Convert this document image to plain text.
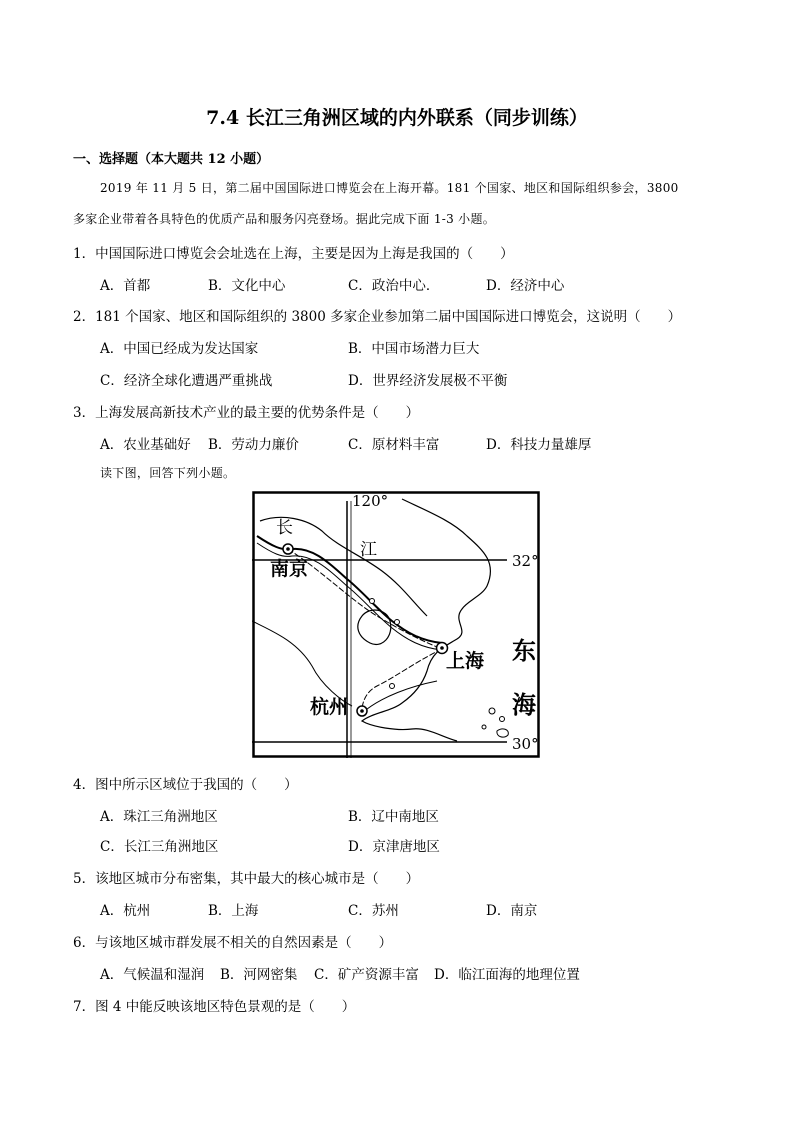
7.4 长江三角洲区域的内外联系（同步训练）
一、选择题（本大题共 12 小题）
2019 年 11 月 5 日，第二届中国国际进口博览会在上海开幕。181 个国家、地区和国际组织参会，3800
多家企业带着各具特色的优质产品和服务闪亮登场。据此完成下面 1-3 小题。
1．中国国际进口博览会会址选在上海，主要是因为上海是我国的（　　）
A．首都	B．文化中心	C．政治中心．	D．经济中心
2．181 个国家、地区和国际组织的 3800 多家企业参加第二届中国国际进口博览会，这说明（　　）
A．中国已经成为发达国家	B．中国市场潜力巨大
C．经济全球化遭遇严重挑战	D．世界经济发展极不平衡
3．上海发展高新技术产业的最主要的优势条件是（　　）
A．农业基础好 B．劳动力廉价	C．原材料丰富	D．科技力量雄厚
读下图，回答下列小题。
120°
32°
30°
长
江
南京
上海
杭州
东
海
4．图中所示区域位于我国的（　　）
A．珠江三角洲地区	B．辽中南地区
C．长江三角洲地区	D．京津唐地区
5．该地区城市分布密集，其中最大的核心城市是（　　）
A．杭州	B．上海	C．苏州	D．南京
6．与该地区城市群发展不相关的自然因素是（　　）
A．气候温和湿润 B．河网密集 C．矿产资源丰富 D．临江面海的地理位置
7．图 4 中能反映该地区特色景观的是（　　）
